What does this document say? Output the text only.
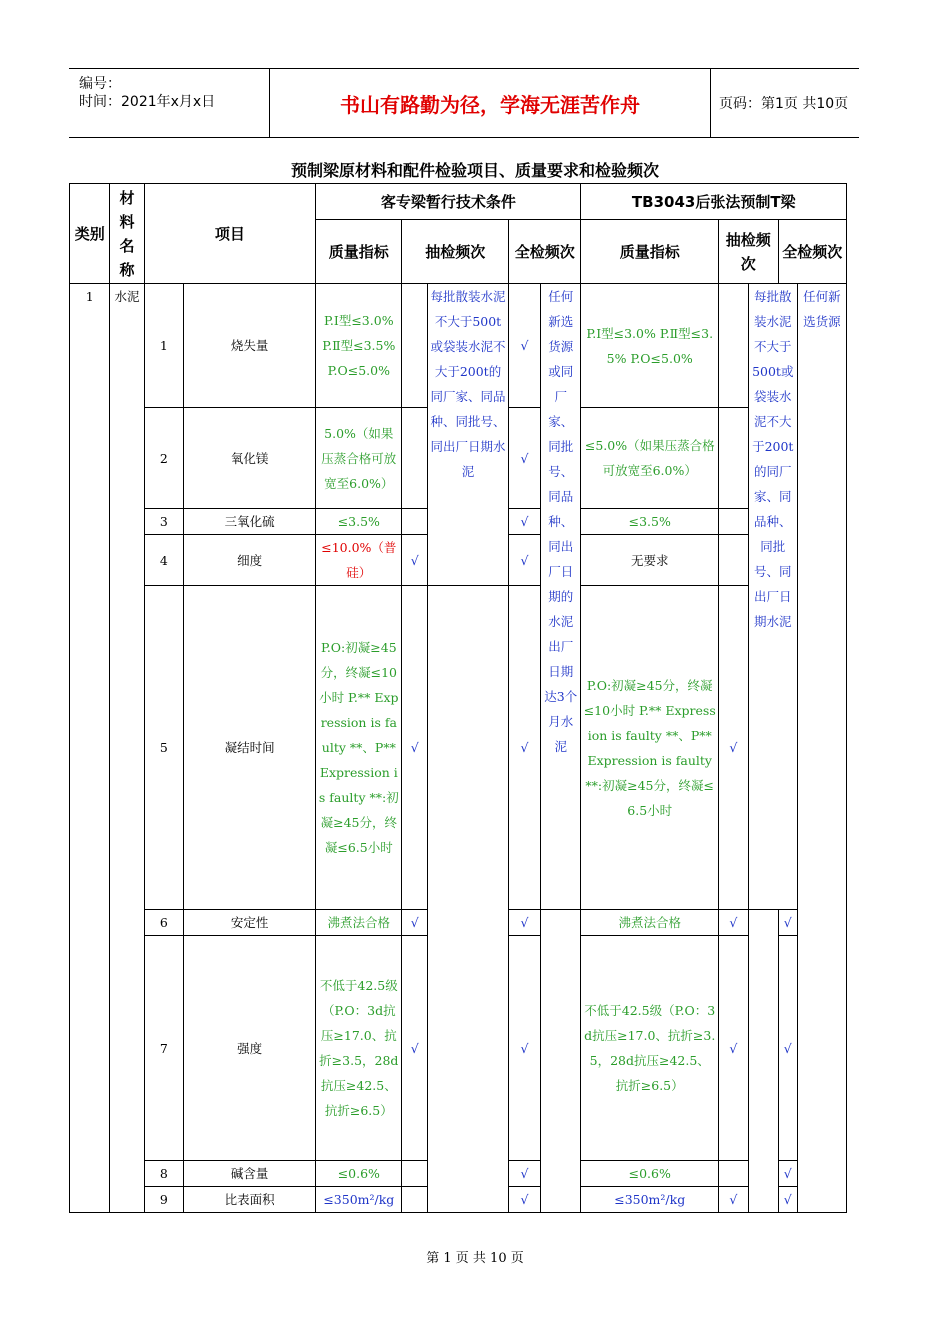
编号：
时间：2021年x月x日	书山有路勤为径，学海无涯苦作舟	页码：第1页 共10页
预制梁原材料和配件检验项目、质量要求和检验频次
类别	材料名称	项目		客专梁暂行技术条件					TB3043后张法预制T梁				
				质量指标	抽检频次		全检频次		质量指标	抽检频次		全检频次	
1	水泥	1	烧失量	P.Ⅰ型≤3.0% P.Ⅱ型≤3.5% P.O≤5.0%		每批散装水泥不大于500t或袋装水泥不大于200t的同厂家、同品种、同批号、同出厂日期水泥	√	任何新选货源或同厂家、同批号、同品种、同出厂日期的水泥出厂日期达3个月水泥	P.Ⅰ型≤3.0% P.Ⅱ型≤3.5% P.O≤5.0%		每批散装水泥不大于500t或袋装水泥不大于200t的同厂家、同品种、同批号、同出厂日期水泥		任何新选货源
		2	氧化镁	5.0%（如果压蒸合格可放宽至6.0%）			√		≤5.0%（如果压蒸合格可放宽至6.0%）				
		3	三氧化硫	≤3.5%			√		≤3.5%				
		4	细度	≤10.0%（普硅）	√		√		无要求				
		5	凝结时间	P.O:初凝≥45分，终凝≤10小时 P.** Expression is faulty **、P** Expression is faulty **:初凝≥45分，终凝≤6.5小时	√		√		P.O:初凝≥45分，终凝≤10小时 P.** Expression is faulty **、P** Expression is faulty **:初凝≥45分，终凝≤6.5小时	√			
		6	安定性	沸煮法合格	√		√		沸煮法合格	√		√	
		7	强度	不低于42.5级（P.O：3d抗压≥17.0、抗折≥3.5，28d抗压≥42.5、抗折≥6.5）	√		√		不低于42.5级（P.O：3d抗压≥17.0、抗折≥3.5，28d抗压≥42.5、抗折≥6.5）	√		√	
		8	碱含量	≤0.6%			√		≤0.6%			√	
		9	比表面积	≤350m²/kg			√		≤350m²/kg	√		√	
第 1 页 共 10 页
